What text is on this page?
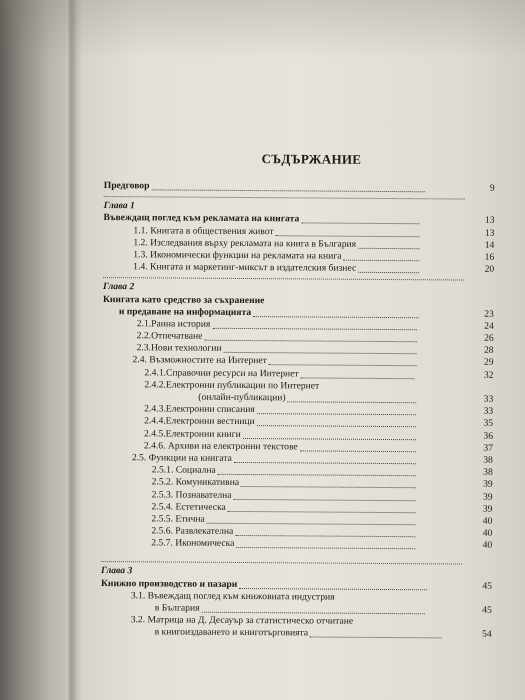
СЪДЪРЖАНИЕ
Предговор	9
Глава 1
Въвеждащ поглед към рекламата на книгата	13
1.1. Книгата в обществения живот	13
1.2. Изследвания върху рекламата на книга в България	14
1.3. Икономически функции на рекламата на книга	16
1.4. Книгата и маркетинг-миксът в издателския бизнес	20
Глава 2
Книгата като средство за съхранение
и предаване на информацията	23
2.1.Ранна история	24
2.2.Отпечатване	26
2.3.Нови технологии	28
2.4. Възможностите на Интернет	29
2.4.1.Справочни ресурси на Интернет	32
2.4.2.Електронни публикации по Интернет
(онлайн-публикации)	33
2.4.3.Електронни списания	33
2.4.4.Електронни вестници	35
2.4.5.Електронни книги	36
2.4.6. Архиви на електронни текстове	37
2.5. Функции на книгата	38
2.5.1. Социална	38
2.5.2. Комуникативна	39
2.5.3. Познавателна	39
2.5.4. Естетическа	39
2.5.5. Етична	40
2.5.6. Развлекателна	40
2.5.7. Икономическа	40
Глава 3
Книжно производство и пазари	45
3.1. Въвеждащ поглед към книжовната индустрия
в България	45
3.2. Матрица на Д. Десауър за статистическо отчитане
в книгоиздаването и книготърговията	54
